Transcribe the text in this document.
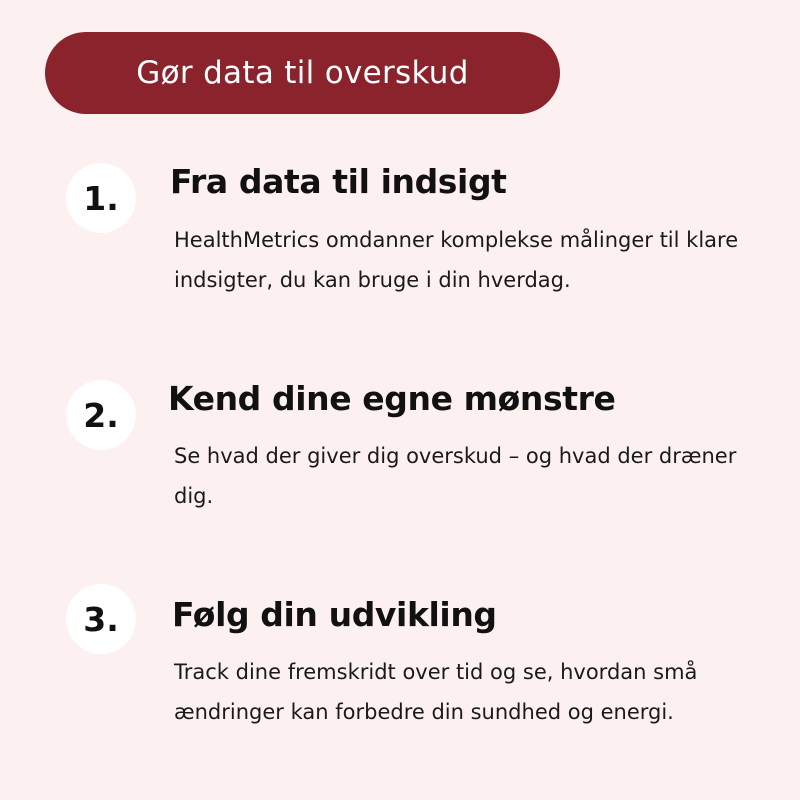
Gør data til overskud
1.	Fra data til indsigt
HealthMetrics omdanner komplekse målinger til klare indsigter, du kan bruge i din hverdag.
2.	Kend dine egne mønstre
Se hvad der giver dig overskud – og hvad der dræner dig.
3.	Følg din udvikling
Track dine fremskridt over tid og se, hvordan små ændringer kan forbedre din sundhed og energi.
